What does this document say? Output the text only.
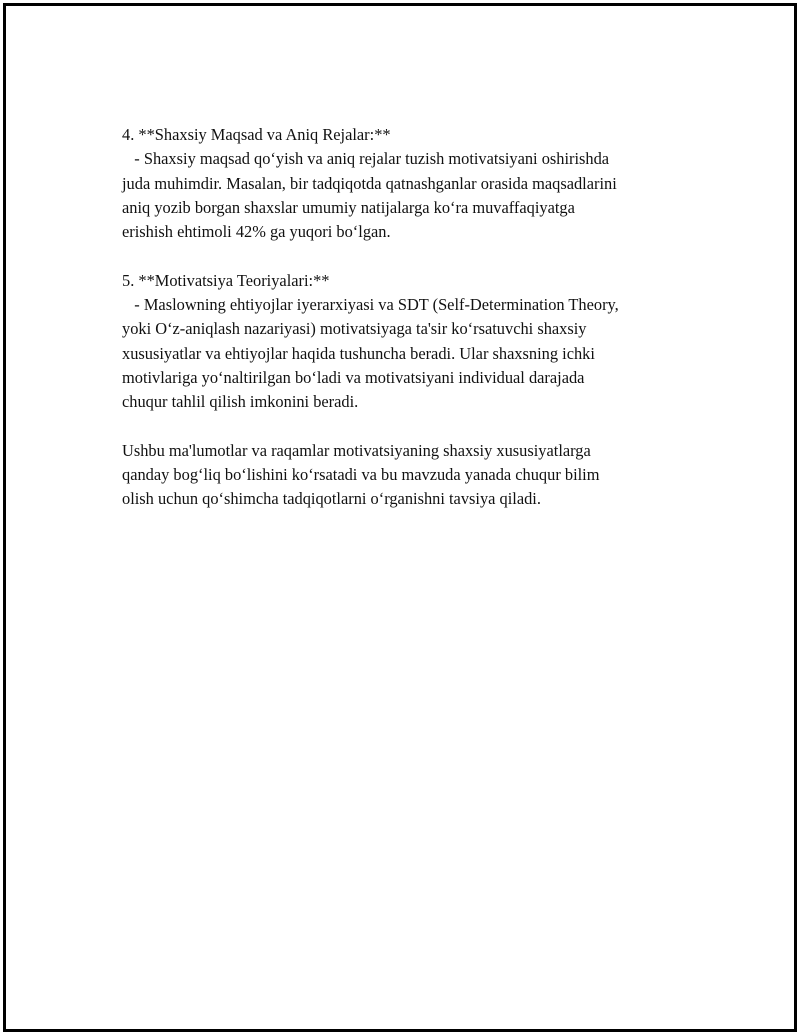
4. **Shaxsiy Maqsad va Aniq Rejalar:**
- Shaxsiy maqsad qo‘yish va aniq rejalar tuzish motivatsiyani oshirishda
juda muhimdir. Masalan, bir tadqiqotda qatnashganlar orasida maqsadlarini
aniq yozib borgan shaxslar umumiy natijalarga ko‘ra muvaffaqiyatga
erishish ehtimoli 42% ga yuqori bo‘lgan.
5. **Motivatsiya Teoriyalari:**
- Maslowning ehtiyojlar iyerarxiyasi va SDT (Self-Determination Theory,
yoki O‘z-aniqlash nazariyasi) motivatsiyaga ta'sir ko‘rsatuvchi shaxsiy
xususiyatlar va ehtiyojlar haqida tushuncha beradi. Ular shaxsning ichki
motivlariga yo‘naltirilgan bo‘ladi va motivatsiyani individual darajada
chuqur tahlil qilish imkonini beradi.
Ushbu ma'lumotlar va raqamlar motivatsiyaning shaxsiy xususiyatlarga
qanday bog‘liq bo‘lishini ko‘rsatadi va bu mavzuda yanada chuqur bilim
olish uchun qo‘shimcha tadqiqotlarni o‘rganishni tavsiya qiladi.
